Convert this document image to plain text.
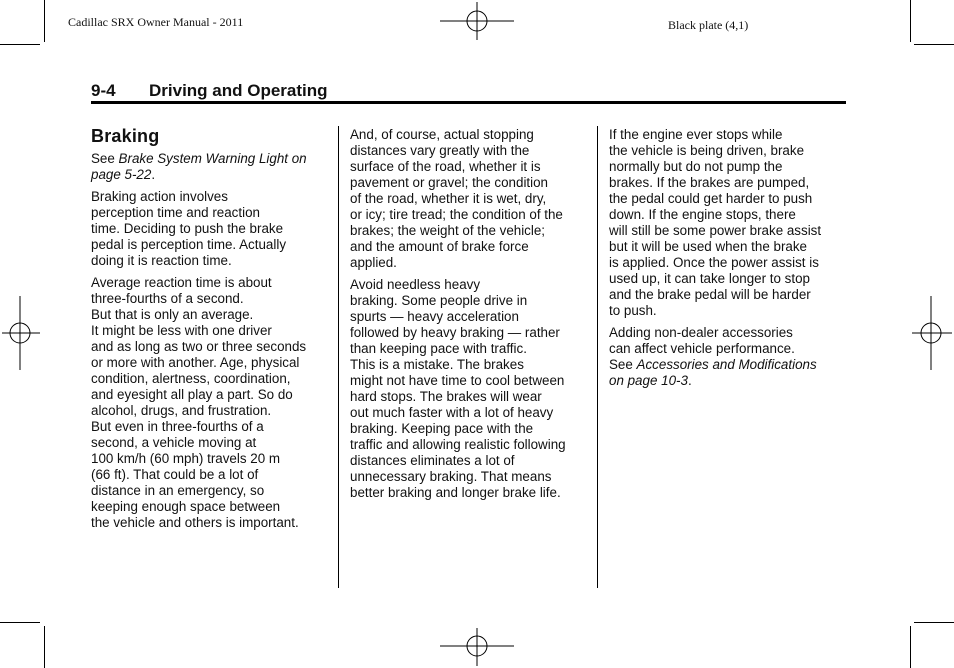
Cadillac SRX Owner Manual - 2011	Black plate (4,1)
9-4 Driving and Operating
Braking

See Brake System Warning Light on
page 5-22.

Braking action involves
perception time and reaction
time. Deciding to push the brake
pedal is perception time. Actually
doing it is reaction time.

Average reaction time is about
three-fourths of a second.
But that is only an average.
It might be less with one driver
and as long as two or three seconds
or more with another. Age, physical
condition, alertness, coordination,
and eyesight all play a part. So do
alcohol, drugs, and frustration.
But even in three-fourths of a
second, a vehicle moving at
100 km/h (60 mph) travels 20 m
(66 ft). That could be a lot of
distance in an emergency, so
keeping enough space between
the vehicle and others is important.

And, of course, actual stopping
distances vary greatly with the
surface of the road, whether it is
pavement or gravel; the condition
of the road, whether it is wet, dry,
or icy; tire tread; the condition of the
brakes; the weight of the vehicle;
and the amount of brake force
applied.

Avoid needless heavy
braking. Some people drive in
spurts — heavy acceleration
followed by heavy braking — rather
than keeping pace with traffic.
This is a mistake. The brakes
might not have time to cool between
hard stops. The brakes will wear
out much faster with a lot of heavy
braking. Keeping pace with the
traffic and allowing realistic following
distances eliminates a lot of
unnecessary braking. That means
better braking and longer brake life.

If the engine ever stops while
the vehicle is being driven, brake
normally but do not pump the
brakes. If the brakes are pumped,
the pedal could get harder to push
down. If the engine stops, there
will still be some power brake assist
but it will be used when the brake
is applied. Once the power assist is
used up, it can take longer to stop
and the brake pedal will be harder
to push.

Adding non-dealer accessories
can affect vehicle performance.
See Accessories and Modifications
on page 10-3.
